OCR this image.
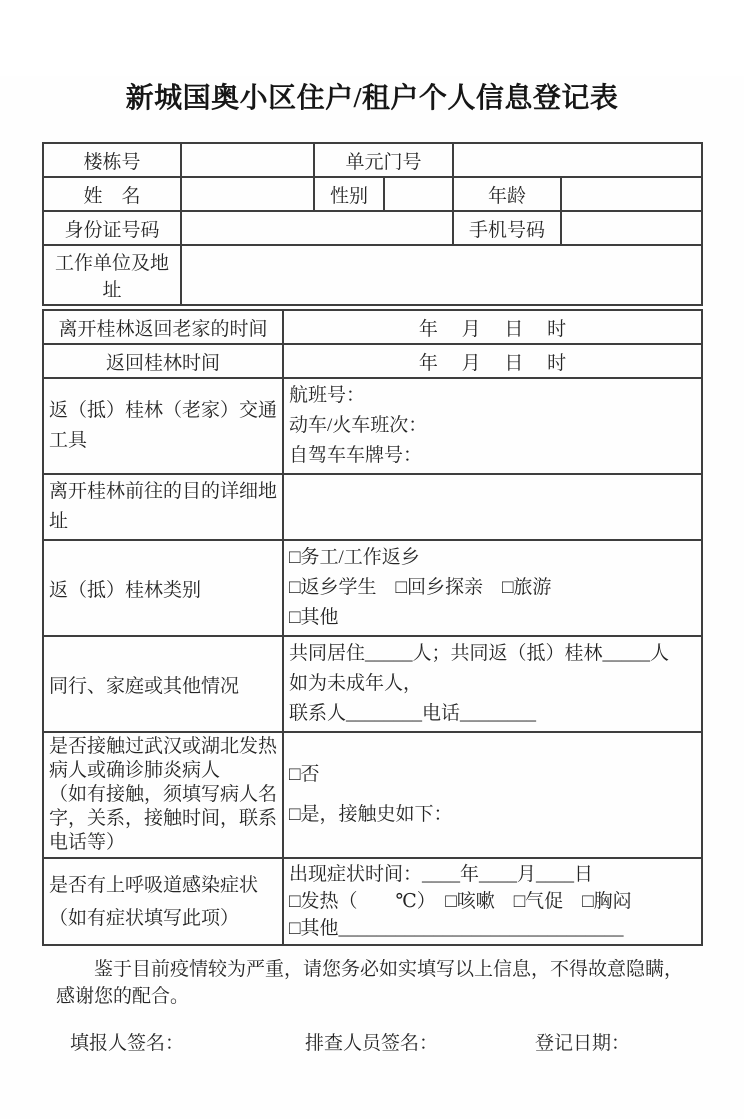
新城国奥小区住户/租户个人信息登记表
楼栋号		单元门号			
姓　名		性别		年龄	
身份证号码				手机号码	
工作单位及地址					
离开桂林返回老家的时间	年　 月　 日　 时
返回桂林时间	年　 月　 日　 时
返（抵）桂林（老家）交通工具	航班号：
动车/火车班次：
自驾车车牌号：

离开桂林前往的目的详细地址	
返（抵）桂林类别	□务工/工作返乡
□返乡学生　□回乡探亲　□旅游
□其他

同行、家庭或其他情况	共同居住_____人；共同返（抵）桂林_____人
如为未成年人，
联系人________电话________

是否接触过武汉或湖北发热病人或确诊肺炎病人
（如有接触，须填写病人名字，关系，接触时间，联系电话等）

□否
□是，接触史如下：

是否有上呼吸道感染症状
（如有症状填写此项）

出现症状时间：____年____月____日
□发热（　　℃）　□咳嗽　□气促　□胸闷
□其他______________________________
鉴于目前疫情较为严重，请您务必如实填写以上信息，不得故意隐瞒，感谢您的配合。
填报人签名：	排查人员签名：	登记日期：
